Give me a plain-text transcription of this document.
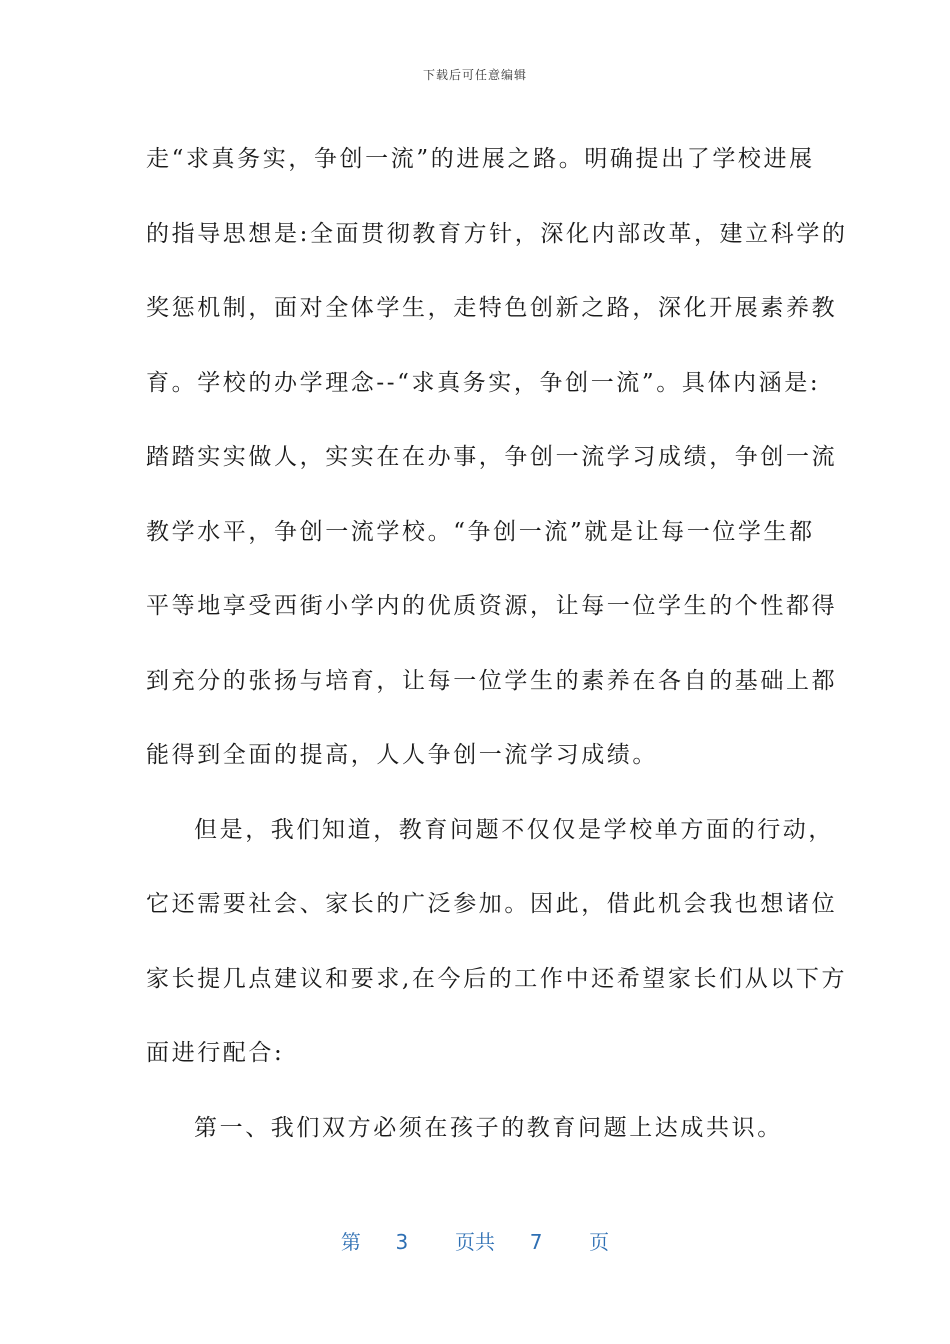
下载后可任意编辑
走“求真务实，争创一流”的进展之路。明确提出了学校进展
的指导思想是:全面贯彻教育方针，深化内部改革，建立科学的
奖惩机制，面对全体学生，走特色创新之路，深化开展素养教
育。学校的办学理念--“求真务实，争创一流”。具体内涵是:
踏踏实实做人，实实在在办事，争创一流学习成绩，争创一流
教学水平，争创一流学校。“争创一流”就是让每一位学生都
平等地享受西街小学内的优质资源，让每一位学生的个性都得
到充分的张扬与培育，让每一位学生的素养在各自的基础上都
能得到全面的提高，人人争创一流学习成绩。
但是，我们知道，教育问题不仅仅是学校单方面的行动，
它还需要社会、家长的广泛参加。因此，借此机会我也想诸位
家长提几点建议和要求,在今后的工作中还希望家长们从以下方
面进行配合:
第一、我们双方必须在孩子的教育问题上达成共识。
第 3 页共 7 页
